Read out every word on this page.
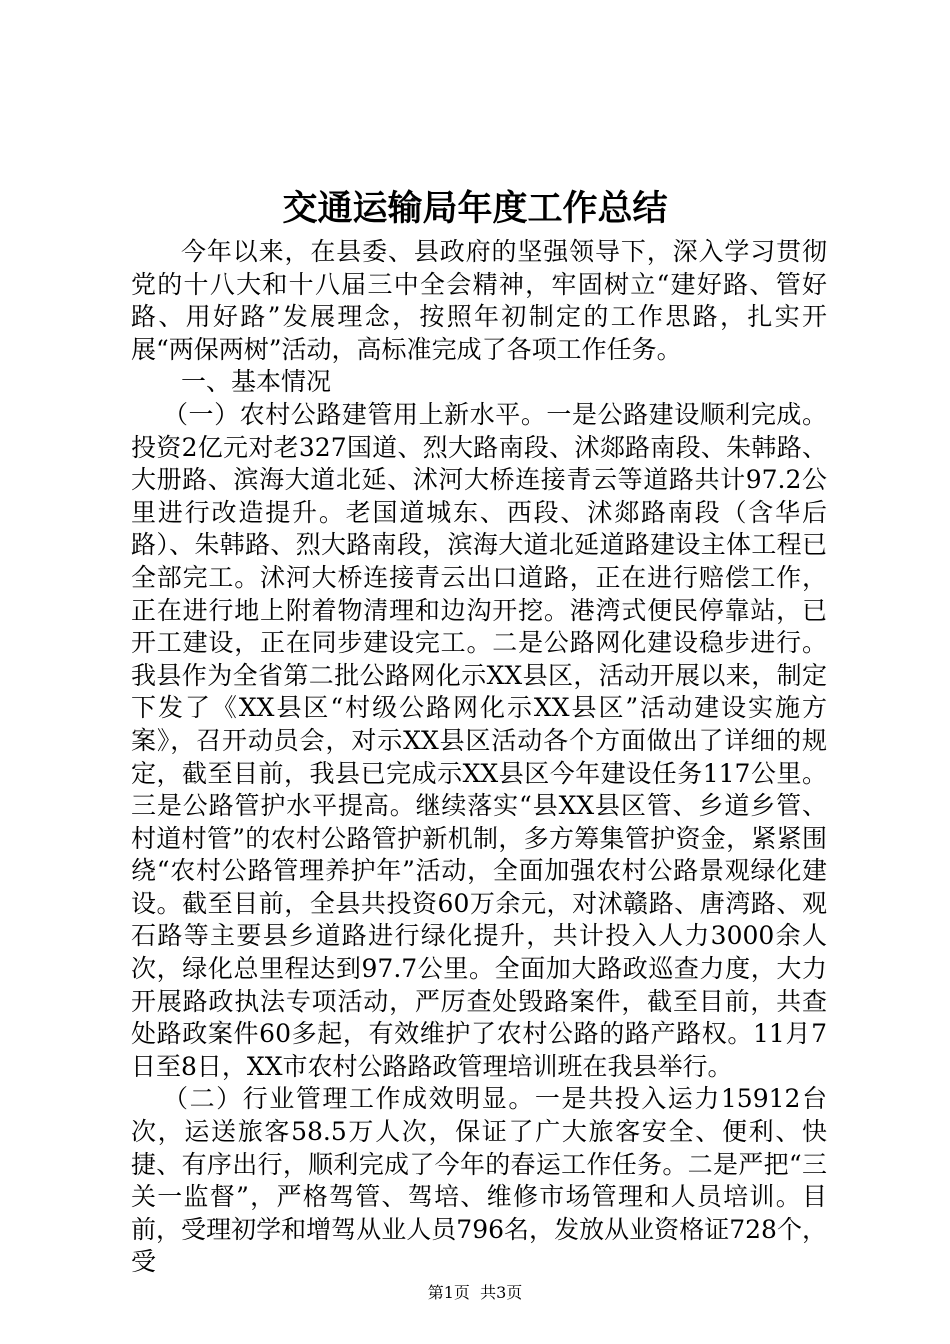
交通运输局年度工作总结

今年以来，在县委、县政府的坚强领导下，深入学习贯彻党的十八大和十八届三中全会精神，牢固树立“建好路、管好路、用好路”发展理念，按照年初制定的工作思路，扎实开展“两保两树”活动，高标准完成了各项工作任务。

一、基本情况

（一）农村公路建管用上新水平。一是公路建设顺利完成。投资2亿元对老327国道、烈大路南段、沭郯路南段、朱韩路、大册路、滨海大道北延、沭河大桥连接青云等道路共计97.2公里进行改造提升。老国道城东、西段、沭郯路南段（含华后路）、朱韩路、烈大路南段，滨海大道北延道路建设主体工程已全部完工。沭河大桥连接青云出口道路，正在进行赔偿工作，正在进行地上附着物清理和边沟开挖。港湾式便民停靠站，已开工建设，正在同步建设完工。二是公路网化建设稳步进行。我县作为全省第二批公路网化示XX县区，活动开展以来，制定下发了《XX县区“村级公路网化示XX县区”活动建设实施方案》，召开动员会，对示XX县区活动各个方面做出了详细的规定，截至目前，我县已完成示XX县区今年建设任务117公里。三是公路管护水平提高。继续落实“县XX县区管、乡道乡管、村道村管”的农村公路管护新机制，多方筹集管护资金，紧紧围绕“农村公路管理养护年”活动，全面加强农村公路景观绿化建设。截至目前，全县共投资60万余元，对沭赣路、唐湾路、观石路等主要县乡道路进行绿化提升，共计投入人力3000余人次，绿化总里程达到97.7公里。全面加大路政巡查力度，大力开展路政执法专项活动，严厉查处毁路案件，截至目前，共查处路政案件60多起，有效维护了农村公路的路产路权。11月7日至8日，XX市农村公路路政管理培训班在我县举行。

（二）行业管理工作成效明显。一是共投入运力15912台次，运送旅客58.5万人次，保证了广大旅客安全、便利、快捷、有序出行，顺利完成了今年的春运工作任务。二是严把“三关一监督”，严格驾管、驾培、维修市场管理和人员培训。目前，受理初学和增驾从业人员796名，发放从业资格证728个，受

第1页 共3页
